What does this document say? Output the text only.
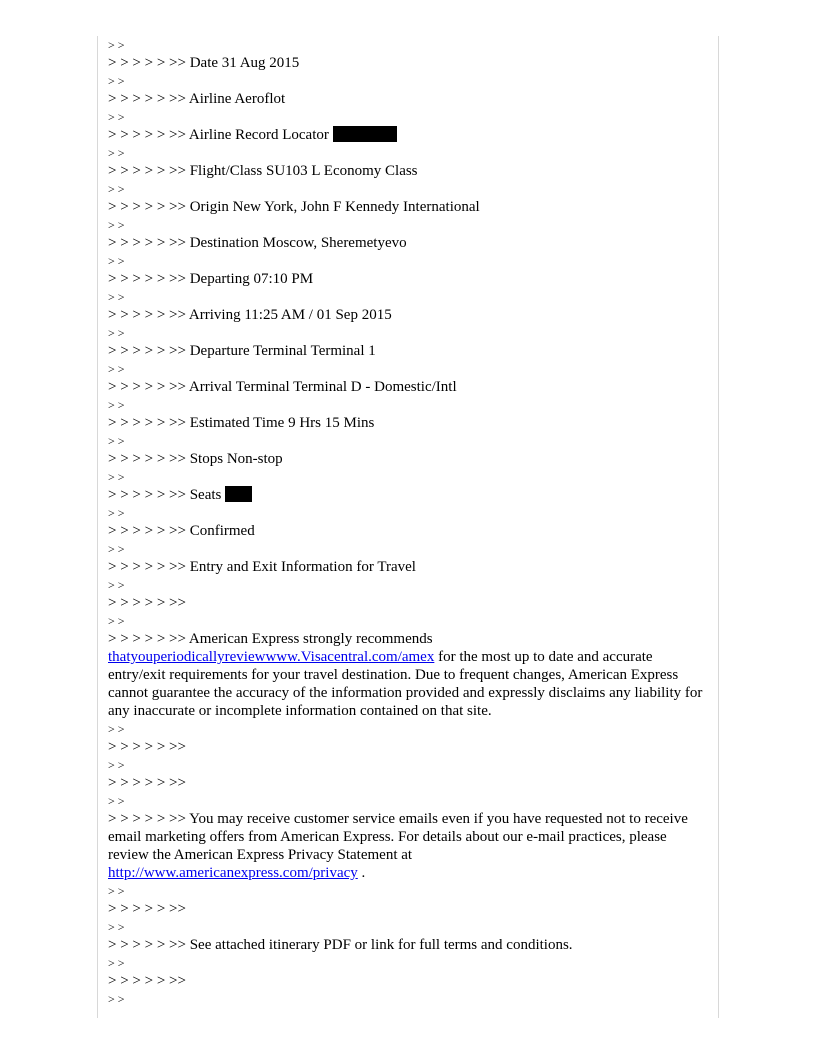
> >
> > > > > >> Date 31 Aug 2015
> >
> > > > > >> Airline Aeroflot
> >
> > > > > >> Airline Record Locator
> >
> > > > > >> Flight/Class SU103 L Economy Class
> >
> > > > > >> Origin New York, John F Kennedy International
> >
> > > > > >> Destination Moscow, Sheremetyevo
> >
> > > > > >> Departing 07:10 PM
> >
> > > > > >> Arriving 11:25 AM / 01 Sep 2015
> >
> > > > > >> Departure Terminal Terminal 1
> >
> > > > > >> Arrival Terminal Terminal D - Domestic/Intl
> >
> > > > > >> Estimated Time 9 Hrs 15 Mins
> >
> > > > > >> Stops Non-stop
> >
> > > > > >> Seats
> >
> > > > > >> Confirmed
> >
> > > > > >> Entry and Exit Information for Travel
> >
> > > > > >>
> >
> > > > > >> American Express strongly recommends
thatyouperiodicallyreviewwww.Visacentral.com/amex for the most up to date and accurate entry/exit requirements for your travel destination. Due to frequent changes, American Express cannot guarantee the accuracy of the information provided and expressly disclaims any liability for any inaccurate or incomplete information contained on that site.
> >
> > > > > >>
> >
> > > > > >>
> >
> > > > > >> You may receive customer service emails even if you have requested not to receive email marketing offers from American Express. For details about our e-mail practices, please review the American Express Privacy Statement at
http://www.americanexpress.com/privacy .
> >
> > > > > >>
> >
> > > > > >> See attached itinerary PDF or link for full terms and conditions.
> >
> > > > > >>
> >
